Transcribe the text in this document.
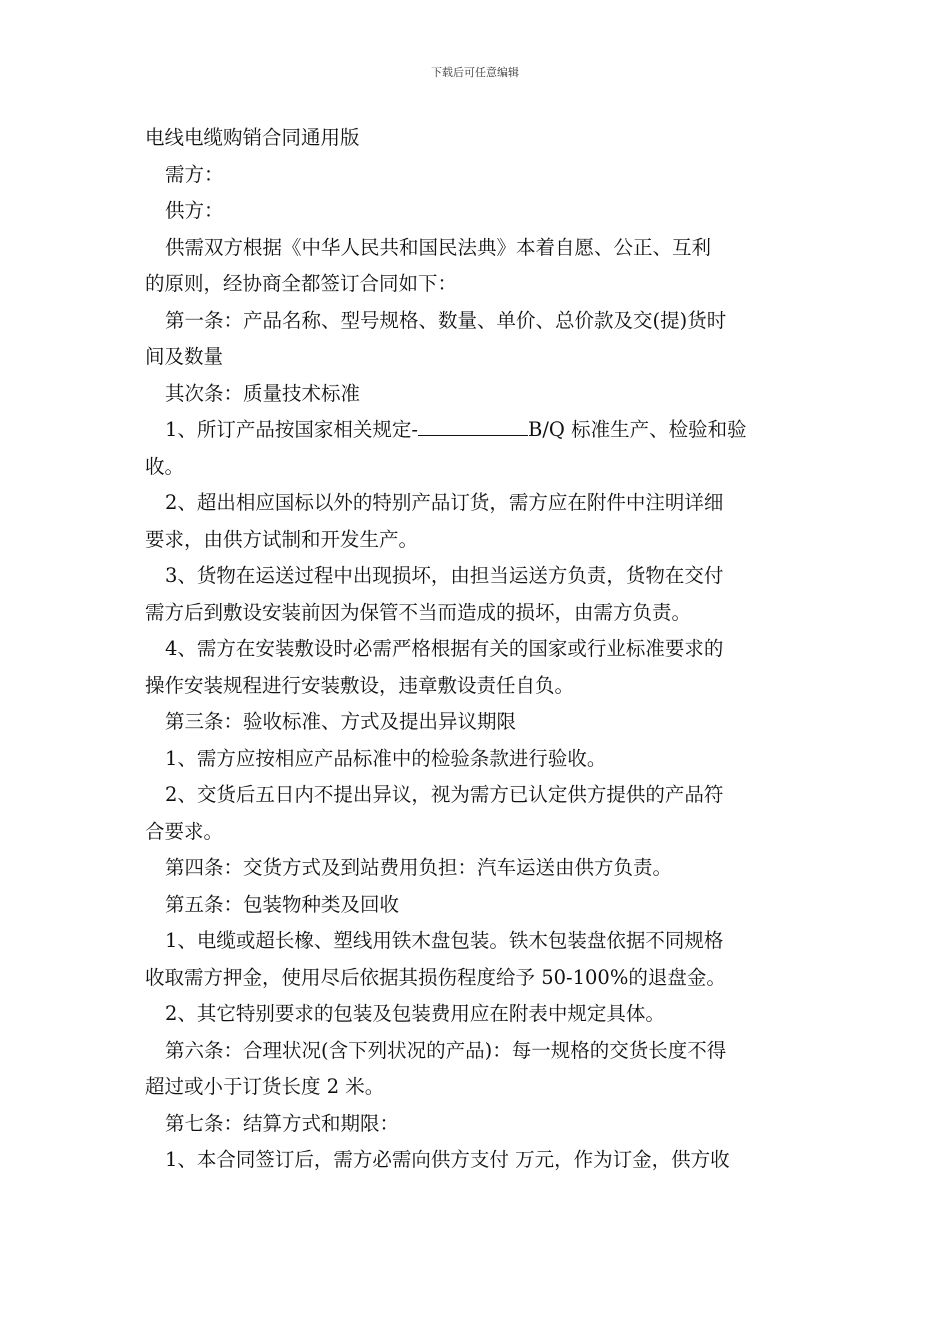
下载后可任意编辑
电线电缆购销合同通用版
需方：
供方：
供需双方根据《中华人民共和国民法典》本着自愿、公正、互利
的原则，经协商全都签订合同如下：
第一条：产品名称、型号规格、数量、单价、总价款及交(提)货时
间及数量
其次条：质量技术标准
1、所订产品按国家相关规定-	B/Q 标准生产、检验和验
收。
2、超出相应国标以外的特别产品订货，需方应在附件中注明详细
要求，由供方试制和开发生产。
3、货物在运送过程中出现损坏，由担当运送方负责，货物在交付
需方后到敷设安装前因为保管不当而造成的损坏，由需方负责。
4、需方在安装敷设时必需严格根据有关的国家或行业标准要求的
操作安装规程进行安装敷设，违章敷设责任自负。
第三条：验收标准、方式及提出异议期限
1、需方应按相应产品标准中的检验条款进行验收。
2、交货后五日内不提出异议，视为需方已认定供方提供的产品符
合要求。
第四条：交货方式及到站费用负担：汽车运送由供方负责。
第五条：包装物种类及回收
1、电缆或超长橡、塑线用铁木盘包装。铁木包装盘依据不同规格
收取需方押金，使用尽后依据其损伤程度给予 50-100%的退盘金。
2、其它特别要求的包装及包装费用应在附表中规定具体。
第六条：合理状况(含下列状况的产品)：每一规格的交货长度不得
超过或小于订货长度 2 米。
第七条：结算方式和期限：
1、本合同签订后，需方必需向供方支付 万元，作为订金，供方收
